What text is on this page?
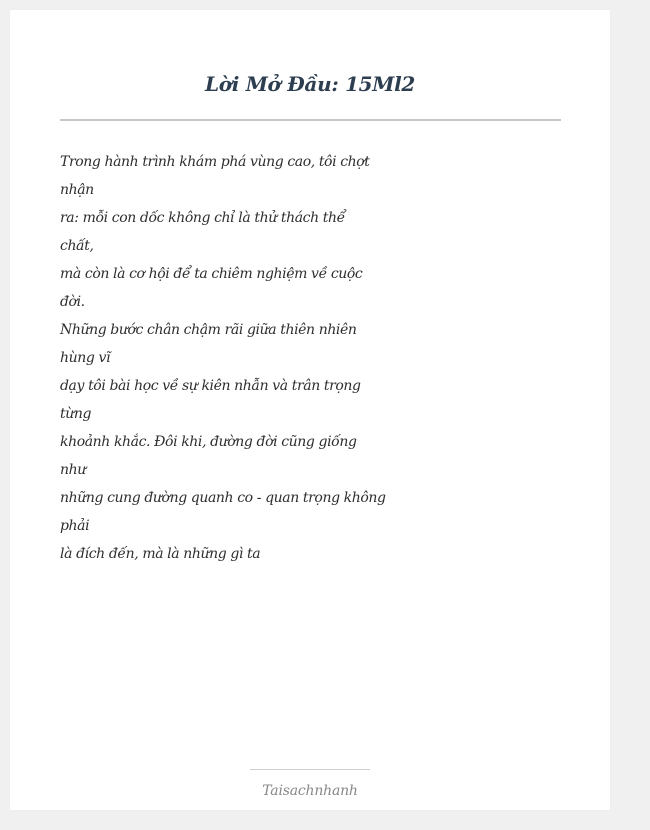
Lời Mở Đầu: 15Ml2
Trong hành trình khám phá vùng cao, tôi chợt
nhận
ra: mỗi con dốc không chỉ là thử thách thể
chất,
mà còn là cơ hội để ta chiêm nghiệm về cuộc
đời.
Những bước chân chậm rãi giữa thiên nhiên
hùng vĩ
dạy tôi bài học về sự kiên nhẫn và trân trọng
từng
khoảnh khắc. Đôi khi, đường đời cũng giống
như
những cung đường quanh co - quan trọng không
phải
là đích đến, mà là những gì ta
Taisachnhanh
